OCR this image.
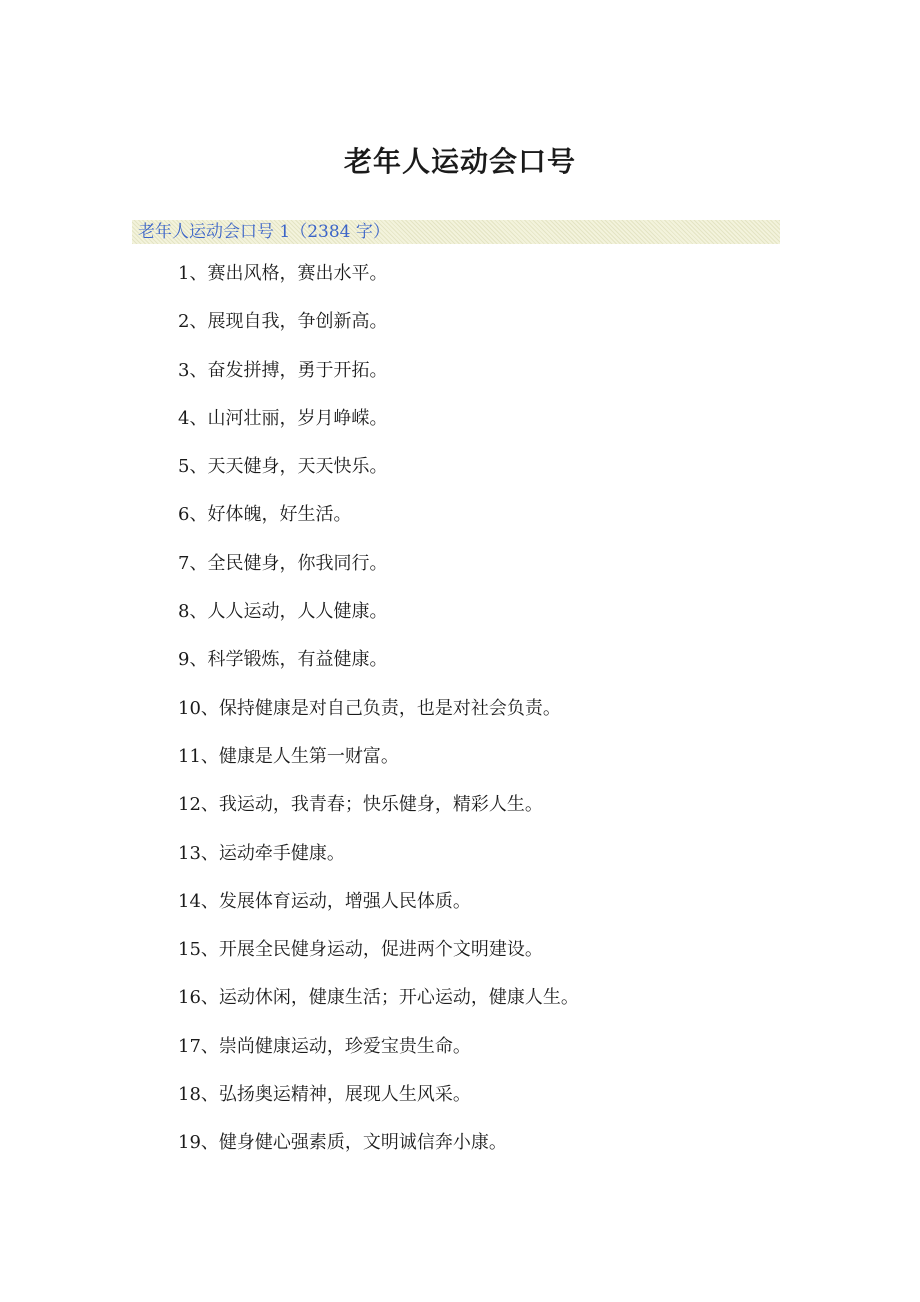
老年人运动会口号
老年人运动会口号 1（2384 字）
1、赛出风格，赛出水平。
2、展现自我，争创新高。
3、奋发拼搏，勇于开拓。
4、山河壮丽，岁月峥嵘。
5、天天健身，天天快乐。
6、好体魄，好生活。
7、全民健身，你我同行。
8、人人运动，人人健康。
9、科学锻炼，有益健康。
10、保持健康是对自己负责，也是对社会负责。
11、健康是人生第一财富。
12、我运动，我青春；快乐健身，精彩人生。
13、运动牵手健康。
14、发展体育运动，增强人民体质。
15、开展全民健身运动，促进两个文明建设。
16、运动休闲，健康生活；开心运动，健康人生。
17、崇尚健康运动，珍爱宝贵生命。
18、弘扬奥运精神，展现人生风采。
19、健身健心强素质，文明诚信奔小康。
